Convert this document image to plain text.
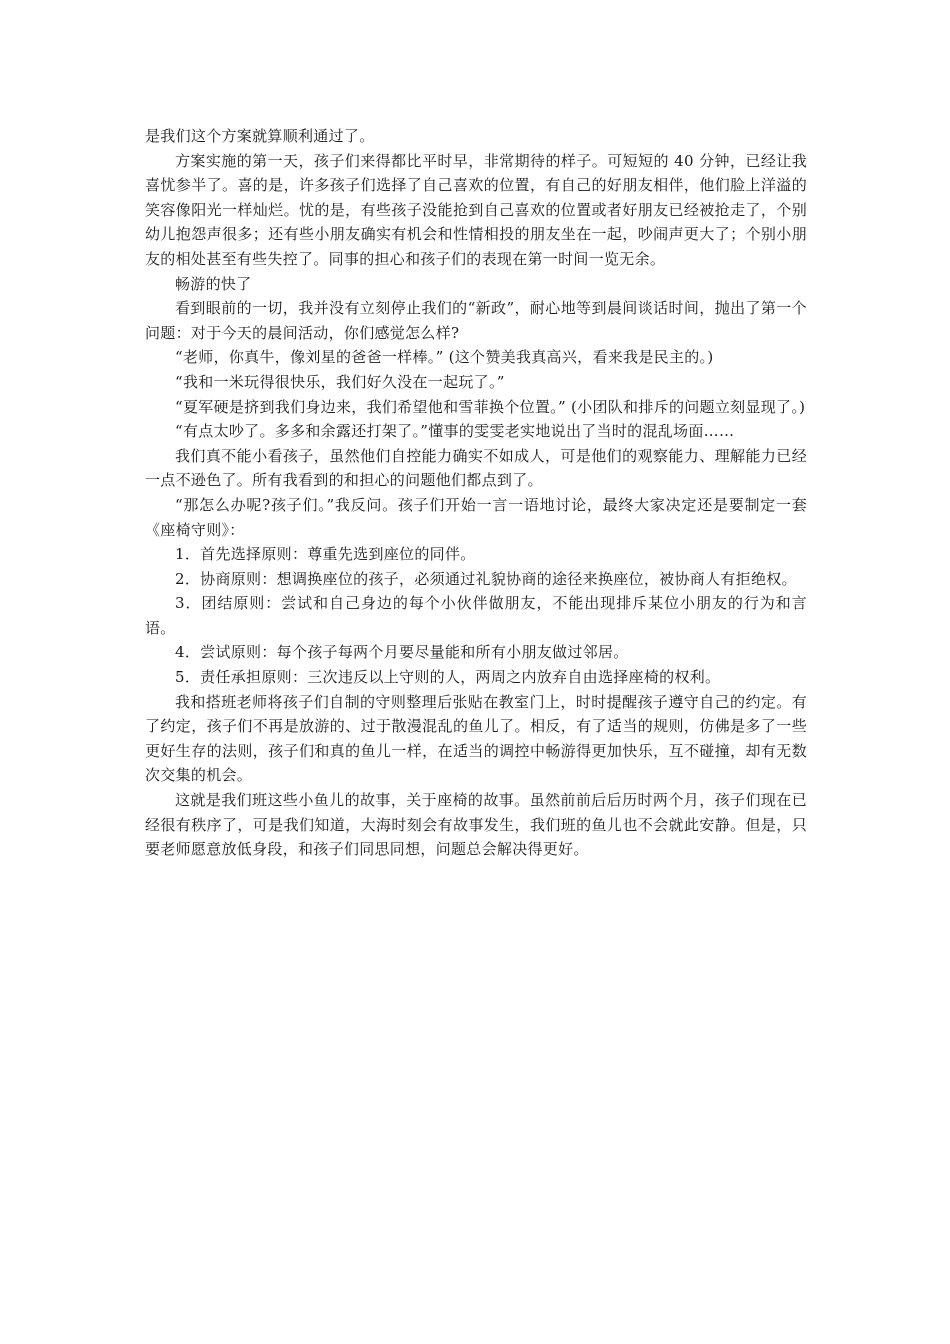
是我们这个方案就算顺利通过了。

方案实施的第一天，孩子们来得都比平时早，非常期待的样子。可短短的 40 分钟，已经让我喜忧参半了。喜的是，许多孩子们选择了自己喜欢的位置，有自己的好朋友相伴，他们脸上洋溢的笑容像阳光一样灿烂。忧的是，有些孩子没能抢到自己喜欢的位置或者好朋友已经被抢走了，个别幼儿抱怨声很多；还有些小朋友确实有机会和性情相投的朋友坐在一起，吵闹声更大了；个别小朋友的相处甚至有些失控了。同事的担心和孩子们的表现在第一时间一览无余。

畅游的快了

看到眼前的一切，我并没有立刻停止我们的“新政”，耐心地等到晨间谈话时间，抛出了第一个问题：对于今天的晨间活动，你们感觉怎么样?

“老师，你真牛，像刘星的爸爸一样棒。” (这个赞美我真高兴，看来我是民主的。)

“我和一米玩得很快乐，我们好久没在一起玩了。”

“夏军硬是挤到我们身边来，我们希望他和雪菲换个位置。” (小团队和排斥的问题立刻显现了。)

“有点太吵了。多多和余露还打架了。”懂事的雯雯老实地说出了当时的混乱场面……

我们真不能小看孩子，虽然他们自控能力确实不如成人，可是他们的观察能力、理解能力已经一点不逊色了。所有我看到的和担心的问题他们都点到了。

“那怎么办呢?孩子们。”我反问。孩子们开始一言一语地讨论，最终大家决定还是要制定一套《座椅守则》：

1．首先选择原则：尊重先选到座位的同伴。

2．协商原则：想调换座位的孩子，必须通过礼貌协商的途径来换座位，被协商人有拒绝权。

3．团结原则：尝试和自己身边的每个小伙伴做朋友，不能出现排斥某位小朋友的行为和言语。

4．尝试原则：每个孩子每两个月要尽量能和所有小朋友做过邻居。

5．责任承担原则：三次违反以上守则的人，两周之内放弃自由选择座椅的权利。

我和搭班老师将孩子们自制的守则整理后张贴在教室门上，时时提醒孩子遵守自己的约定。有了约定，孩子们不再是放游的、过于散漫混乱的鱼儿了。相反，有了适当的规则，仿佛是多了一些更好生存的法则，孩子们和真的鱼儿一样，在适当的调控中畅游得更加快乐，互不碰撞，却有无数次交集的机会。

这就是我们班这些小鱼儿的故事，关于座椅的故事。虽然前前后后历时两个月，孩子们现在已经很有秩序了，可是我们知道，大海时刻会有故事发生，我们班的鱼儿也不会就此安静。但是，只要老师愿意放低身段，和孩子们同思同想，问题总会解决得更好。
